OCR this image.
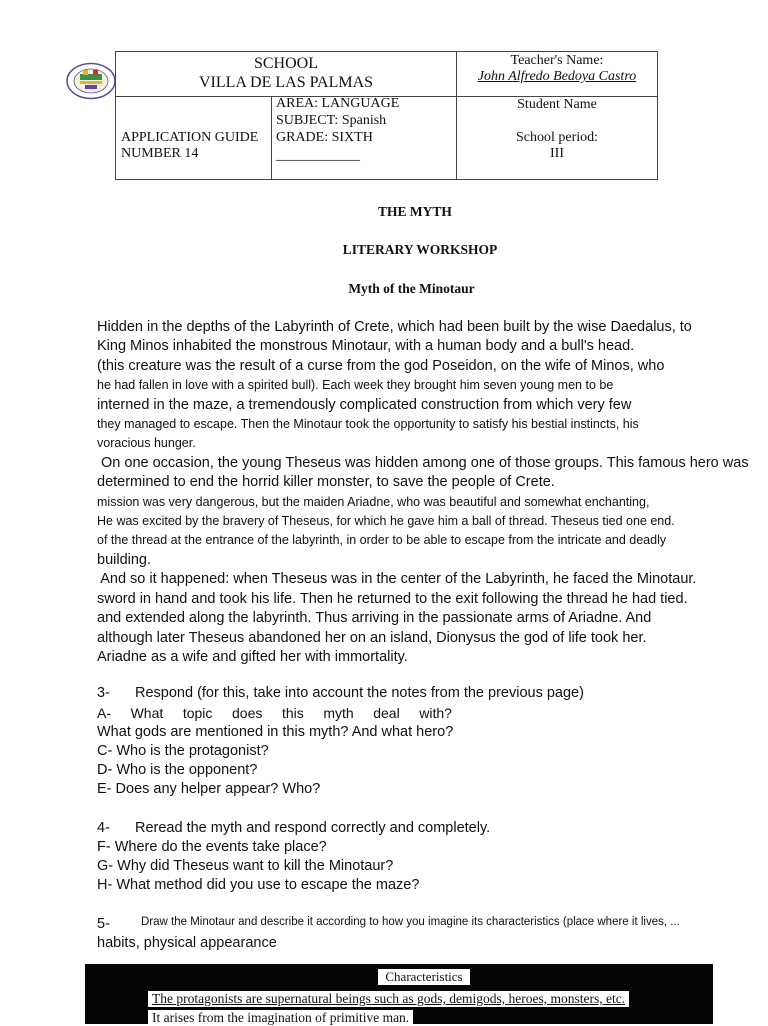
SCHOOL
VILLA DE LAS PALMAS
Teacher's Name:
John Alfredo Bedoya Castro
APPLICATION GUIDE
NUMBER 14
AREA: LANGUAGE
SUBJECT: Spanish
GRADE: SIXTH
____________
Student Name
School period:
III
THE MYTH
LITERARY WORKSHOP
Myth of the Minotaur
Hidden in the depths of the Labyrinth of Crete, which had been built by the wise Daedalus, to
King Minos inhabited the monstrous Minotaur, with a human body and a bull's head.
(this creature was the result of a curse from the god Poseidon, on the wife of Minos, who
he had fallen in love with a spirited bull). Each week they brought him seven young men to be
interned in the maze, a tremendously complicated construction from which very few
they managed to escape. Then the Minotaur took the opportunity to satisfy his bestial instincts, his
voracious hunger.
On one occasion, the young Theseus was hidden among one of those groups. This famous hero was
determined to end the horrid killer monster, to save the people of Crete.
mission was very dangerous, but the maiden Ariadne, who was beautiful and somewhat enchanting,
He was excited by the bravery of Theseus, for which he gave him a ball of thread. Theseus tied one end.
of the thread at the entrance of the labyrinth, in order to be able to escape from the intricate and deadly
building.
And so it happened: when Theseus was in the center of the Labyrinth, he faced the Minotaur.
sword in hand and took his life. Then he returned to the exit following the thread he had tied.
and extended along the labyrinth. Thus arriving in the passionate arms of Ariadne. And
although later Theseus abandoned her on an island, Dionysus the god of life took her.
Ariadne as a wife and gifted her with immortality.
3- Respond (for this, take into account the notes from the previous page)
A- What topic does this myth deal with?
What gods are mentioned in this myth? And what hero?
C- Who is the protagonist?
D- Who is the opponent?
E- Does any helper appear? Who?
4- Reread the myth and respond correctly and completely.
F- Where do the events take place?
G- Why did Theseus want to kill the Minotaur?
H- What method did you use to escape the maze?
5-	Draw the Minotaur and describe it according to how you imagine its characteristics (place where it lives, ...
habits, physical appearance
Characteristics
The protagonists are supernatural beings such as gods, demigods, heroes, monsters, etc.
It arises from the imagination of primitive man.
